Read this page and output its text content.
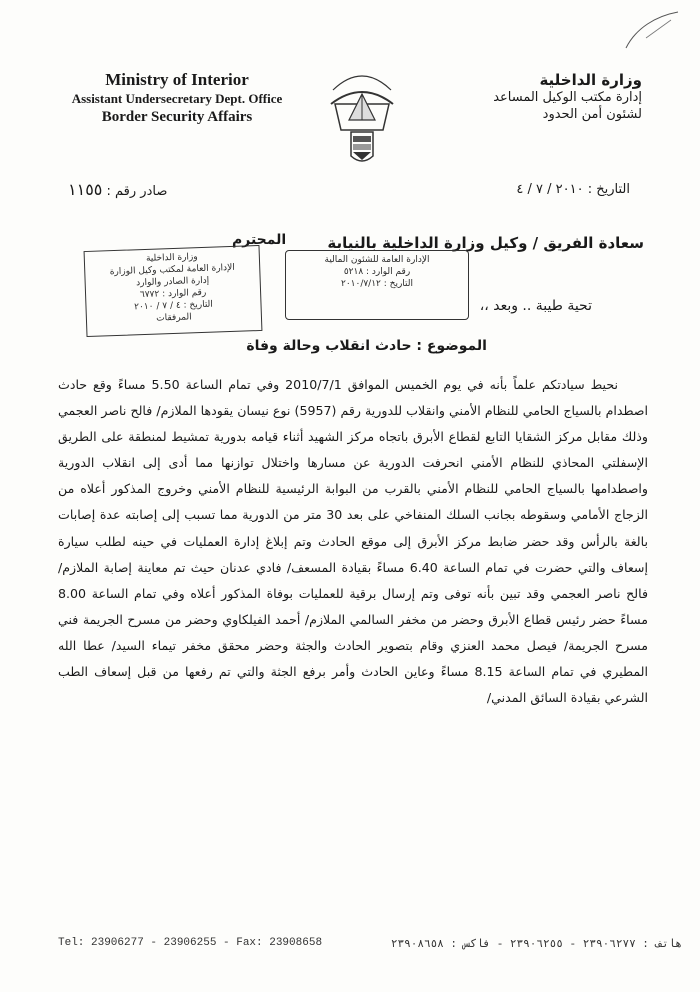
Ministry of Interior
Assistant Undersecretary Dept. Office
Border Security Affairs
وزارة الداخلية
إدارة مكتب الوكيل المساعد
لشئون أمن الحدود
التاريخ : ٢٠١٠ / ٧ / ٤
صادر رقم : ١١٥٥
سعادة الفريق / وكيل وزارة الداخلية بالنيابة
المحترم
وزارة الداخلية
الإدارة العامة لمكتب وكيل الوزارة
إدارة الصادر والوارد
رقم الوارد : ٦٧٧٢
التاريخ : ٤ / ٧ / ٢٠١٠
المرفقات
الإدارة العامة للشئون المالية
رقم الوارد : ٥٢١٨
التاريخ : ٢٠١٠/٧/١٢
تحية طيبة .. وبعد ،،
الموضوع : حادث انقلاب وحالة وفاة

نحيط سيادتكم علماً بأنه في يوم الخميس الموافق 2010/7/1 وفي تمام الساعة 5.50 مساءً وقع حادث اصطدام بالسياج الحامي للنظام الأمني وانقلاب للدورية رقم (5957) نوع نيسان يقودها الملازم/ فالح ناصر العجمي وذلك مقابل مركز الشقايا التابع لقطاع الأبرق باتجاه مركز الشهيد أثناء قيامه بدورية تمشيط لمنطقة على الطريق الإسفلتي المحاذي للنظام الأمني انحرفت الدورية عن مسارها واختلال توازنها مما أدى إلى انقلاب الدورية واصطدامها بالسياج الحامي للنظام الأمني بالقرب من البوابة الرئيسية للنظام الأمني وخروج المذكور أعلاه من الزجاج الأمامي وسقوطه بجانب السلك المنفاخي على بعد 30 متر من الدورية مما تسبب إلى إصابته عدة إصابات بالغة بالرأس وقد حضر ضابط مركز الأبرق إلى موقع الحادث وتم إبلاغ إدارة العمليات في حينه لطلب سيارة إسعاف والتي حضرت في تمام الساعة 6.40 مساءً بقيادة المسعف/ فادي عدنان حيث تم معاينة إصابة الملازم/ فالح ناصر العجمي وقد تبين بأنه توفى وتم إرسال برقية للعمليات بوفاة المذكور أعلاه وفي تمام الساعة 8.00 مساءً حضر رئيس قطاع الأبرق وحضر من مخفر السالمي الملازم/ أحمد الفيلكاوي وحضر من مسرح الجريمة فني مسرح الجريمة/ فيصل محمد العنزي وقام بتصوير الحادث والجثة وحضر محقق مخفر تيماء السيد/ عطا الله المطيري في تمام الساعة 8.15 مساءً وعاين الحادث وأمر برفع الجثة والتي تم رفعها من قبل إسعاف الطب الشرعي بقيادة السائق المدني/

Tel: 23906277 - 23906255 - Fax: 23908658	هاتف : ٢٣٩٠٦٢٧٧ - ٢٣٩٠٦٢٥٥ - فاكس : ٢٣٩٠٨٦٥٨
